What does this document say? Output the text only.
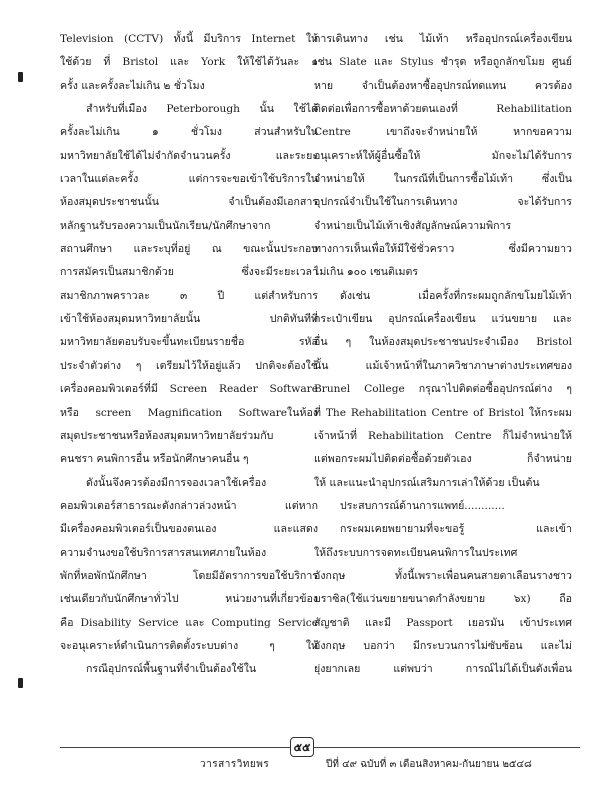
Television (CCTV) ทั้งนี้ มีบริการ Internet ให้
ใช้ด้วย ที่ Bristol และ York ให้ใช้ได้วันละ ๑
ครั้ง และครั้งละไม่เกิน ๒ ชั่วโมง
สำหรับที่เมือง Peterborough นั้น ใช้ได้
ครั้งละไม่เกิน ๑ ชั่วโมง ส่วนสำหรับใน
มหาวิทยาลัยใช้ได้ไม่จำกัดจำนวนครั้ง และระยะ
เวลาในแต่ละครั้ง แต่การจะขอเข้าใช้บริการใน
ห้องสมุดประชาชนนั้น จำเป็นต้องมีเอกสาร
หลักฐานรับรองความเป็นนักเรียน/นักศึกษาจาก
สถานศึกษา และระบุที่อยู่ ณ ขณะนั้นประกอบ
การสมัครเป็นสมาชิกด้วย ซึ่งจะมีระยะเวลา
สมาชิกภาพคราวละ ๓ ปี แต่สำหรับการ
เข้าใช้ห้องสมุดมหาวิทยาลัยนั้น ปกติทันทีที่
มหาวิทยาลัยตอบรับจะขึ้นทะเบียนรายชื่อ รหัส
ประจำตัวต่าง ๆ เตรียมไว้ให้อยู่แล้ว ปกติจะต้องใช้
เครื่องคอมพิวเตอร์ที่มี Screen Reader Software
หรือ screen Magnification Softwareในห้อง
สมุดประชาชนหรือห้องสมุดมหาวิทยาลัยร่วมกับ
คนชรา คนพิการอื่น หรือนักศึกษาคนอื่น ๆ
ดังนั้นจึงควรต้องมีการจองเวลาใช้เครื่อง
คอมพิวเตอร์สาธารณะดังกล่าวล่วงหน้า แต่หาก
มีเครื่องคอมพิวเตอร์เป็นของตนเอง และแสดง
ความจำนงขอใช้บริการสารสนเทศภายในห้อง
พักที่หอพักนักศึกษา โดยมีอัตราการขอใช้บริการ
เช่นเดียวกับนักศึกษาทั่วไป หน่วยงานที่เกี่ยวข้อง
คือ Disability Service และ Computing Service
จะอนุเคราะห์ดำเนินการติดตั้งระบบต่าง ๆ ให้
กรณีอุปกรณ์พื้นฐานที่จำเป็นต้องใช้ใน
การเดินทาง เช่น ไม้เท้า หรืออุปกรณ์เครื่องเขียน
เช่น Slate และ Stylus ชำรุด หรือถูกลักขโมย ศูนย์
หาย จำเป็นต้องหาซื้ออุปกรณ์ทดแทน ควรต้อง
ติดต่อเพื่อการซื้อหาด้วยตนเองที่ Rehabilitation
Centre เขาถึงจะจำหน่ายให้ หากขอความ
อนุเคราะห์ให้ผู้อื่นซื้อให้ มักจะไม่ได้รับการ
จำหน่ายให้ ในกรณีที่เป็นการซื้อไม้เท้า ซึ่งเป็น
อุปกรณ์จำเป็นใช้ในการเดินทาง จะได้รับการ
จำหน่ายเป็นไม้เท้าเชิงสัญลักษณ์ความพิการ
ทางการเห็นเพื่อให้มีใช้ชั่วคราว ซึ่งมีความยาว
ไม่เกิน ๑๐๐ เซนติเมตร
ดังเช่น เมื่อครั้งที่กระผมถูกลักขโมยไม้เท้า
กระเป๋าเขียน อุปกรณ์เครื่องเขียน แว่นขยาย และ
อื่น ๆ ในห้องสมุดประชาชนประจำเมือง Bristol
นั้น แม้เจ้าหน้าที่ในภาควิชาภาษาต่างประเทศของ
Brunel College กรุณาไปติดต่อซื้ออุปกรณ์ต่าง ๆ
ที่ The Rehabilitation Centre of Bristol ให้กระผม
เจ้าหน้าที่ Rehabilitation Centre ก็ไม่จำหน่ายให้
แต่พอกระผมไปติดต่อซื้อด้วยตัวเอง ก็จำหน่าย
ให้ และแนะนำอุปกรณ์เสริมการเล่าให้ด้วย เป็นต้น
ประสบการณ์ด้านการแพทย์............
กระผมเคยพยายามที่จะขอรู้ และเข้า
ให้ถึงระบบการจดทะเบียนคนพิการในประเทศ
อังกฤษ ทั้งนี้เพราะเพื่อนคนสายตาเลือนรางชาว
บราซิล(ใช้แว่นขยายขนาดกำลังขยาย ๖x) ถือ
สัญชาติ และมี Passport เยอรมัน เข้าประเทศ
อังกฤษ บอกว่า มีกระบวนการไม่ซับซ้อน และไม่
ยุ่งยากเลย แต่พบว่า การณ์ไม่ได้เป็นดังเพื่อน
๕๕
วารสารวิทยพร	ปีที่ ๔๙ ฉบับที่ ๓ เดือนสิงหาคม-กันยายน ๒๕๔๘
